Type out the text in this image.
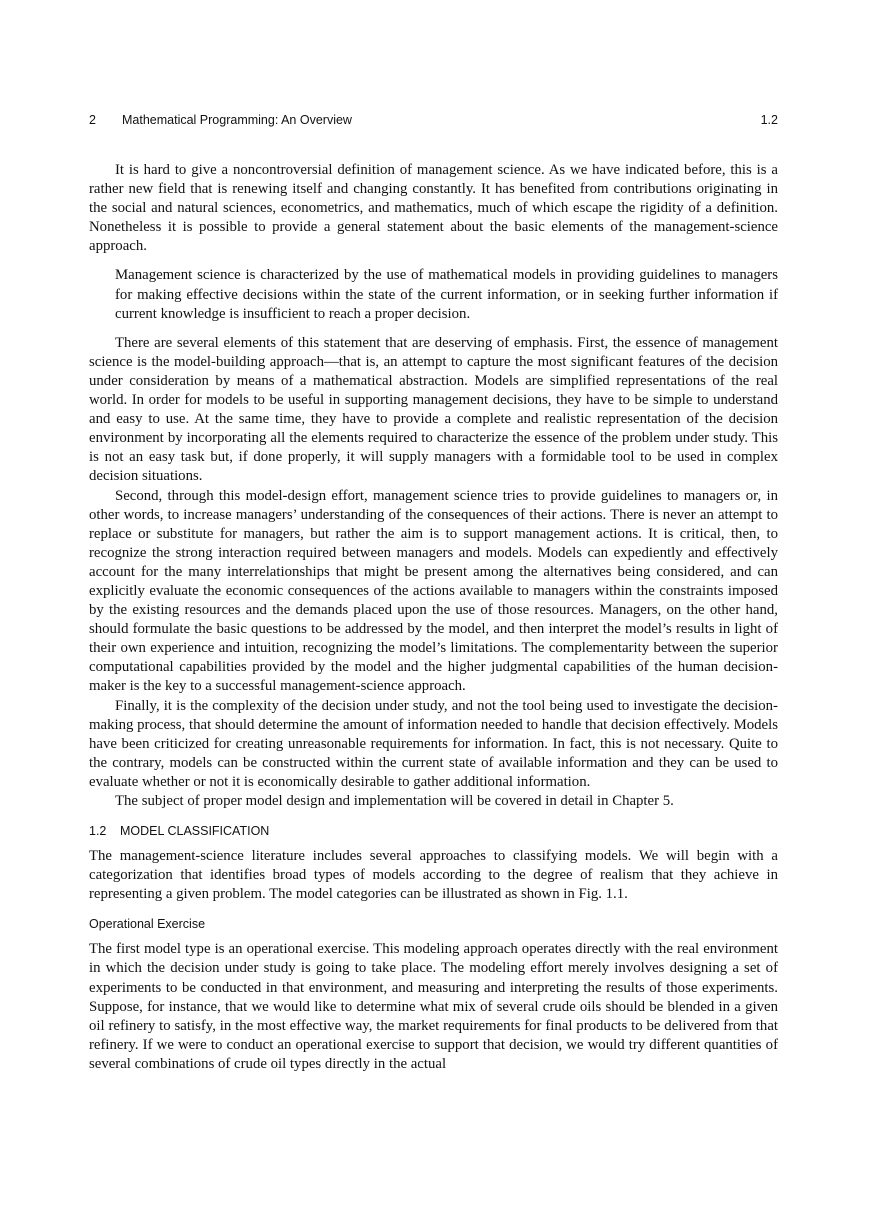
2 Mathematical Programming: An Overview	1.2

It is hard to give a noncontroversial definition of management science. As we have indicated before, this is a rather new field that is renewing itself and changing constantly. It has benefited from contributions originating in the social and natural sciences, econometrics, and mathematics, much of which escape the rigidity of a definition. Nonetheless it is possible to provide a general statement about the basic elements of the management-science approach.

Management science is characterized by the use of mathematical models in providing guidelines to managers for making effective decisions within the state of the current information, or in seeking further information if current knowledge is insufficient to reach a proper decision.

There are several elements of this statement that are deserving of emphasis. First, the essence of management science is the model-building approach—that is, an attempt to capture the most significant features of the decision under consideration by means of a mathematical abstraction. Models are simplified representations of the real world. In order for models to be useful in supporting management decisions, they have to be simple to understand and easy to use. At the same time, they have to provide a complete and realistic representation of the decision environment by incorporating all the elements required to characterize the essence of the problem under study. This is not an easy task but, if done properly, it will supply managers with a formidable tool to be used in complex decision situations.

Second, through this model-design effort, management science tries to provide guidelines to managers or, in other words, to increase managers’ understanding of the consequences of their actions. There is never an attempt to replace or substitute for managers, but rather the aim is to support management actions. It is critical, then, to recognize the strong interaction required between managers and models. Models can expediently and effectively account for the many interrelationships that might be present among the alternatives being considered, and can explicitly evaluate the economic consequences of the actions available to managers within the constraints imposed by the existing resources and the demands placed upon the use of those resources. Managers, on the other hand, should formulate the basic questions to be addressed by the model, and then interpret the model’s results in light of their own experience and intuition, recognizing the model’s limitations. The complementarity between the superior computational capabilities provided by the model and the higher judgmental capabilities of the human decision-maker is the key to a successful management-science approach.

Finally, it is the complexity of the decision under study, and not the tool being used to investigate the decision-making process, that should determine the amount of information needed to handle that decision effectively. Models have been criticized for creating unreasonable requirements for information. In fact, this is not necessary. Quite to the contrary, models can be constructed within the current state of available information and they can be used to evaluate whether or not it is economically desirable to gather additional information.

The subject of proper model design and implementation will be covered in detail in Chapter 5.

1.2 MODEL CLASSIFICATION

The management-science literature includes several approaches to classifying models. We will begin with a categorization that identifies broad types of models according to the degree of realism that they achieve in representing a given problem. The model categories can be illustrated as shown in Fig. 1.1.

Operational Exercise

The first model type is an operational exercise. This modeling approach operates directly with the real environment in which the decision under study is going to take place. The modeling effort merely involves designing a set of experiments to be conducted in that environment, and measuring and interpreting the results of those experiments. Suppose, for instance, that we would like to determine what mix of several crude oils should be blended in a given oil refinery to satisfy, in the most effective way, the market requirements for final products to be delivered from that refinery. If we were to conduct an operational exercise to support that decision, we would try different quantities of several combinations of crude oil types directly in the actual
